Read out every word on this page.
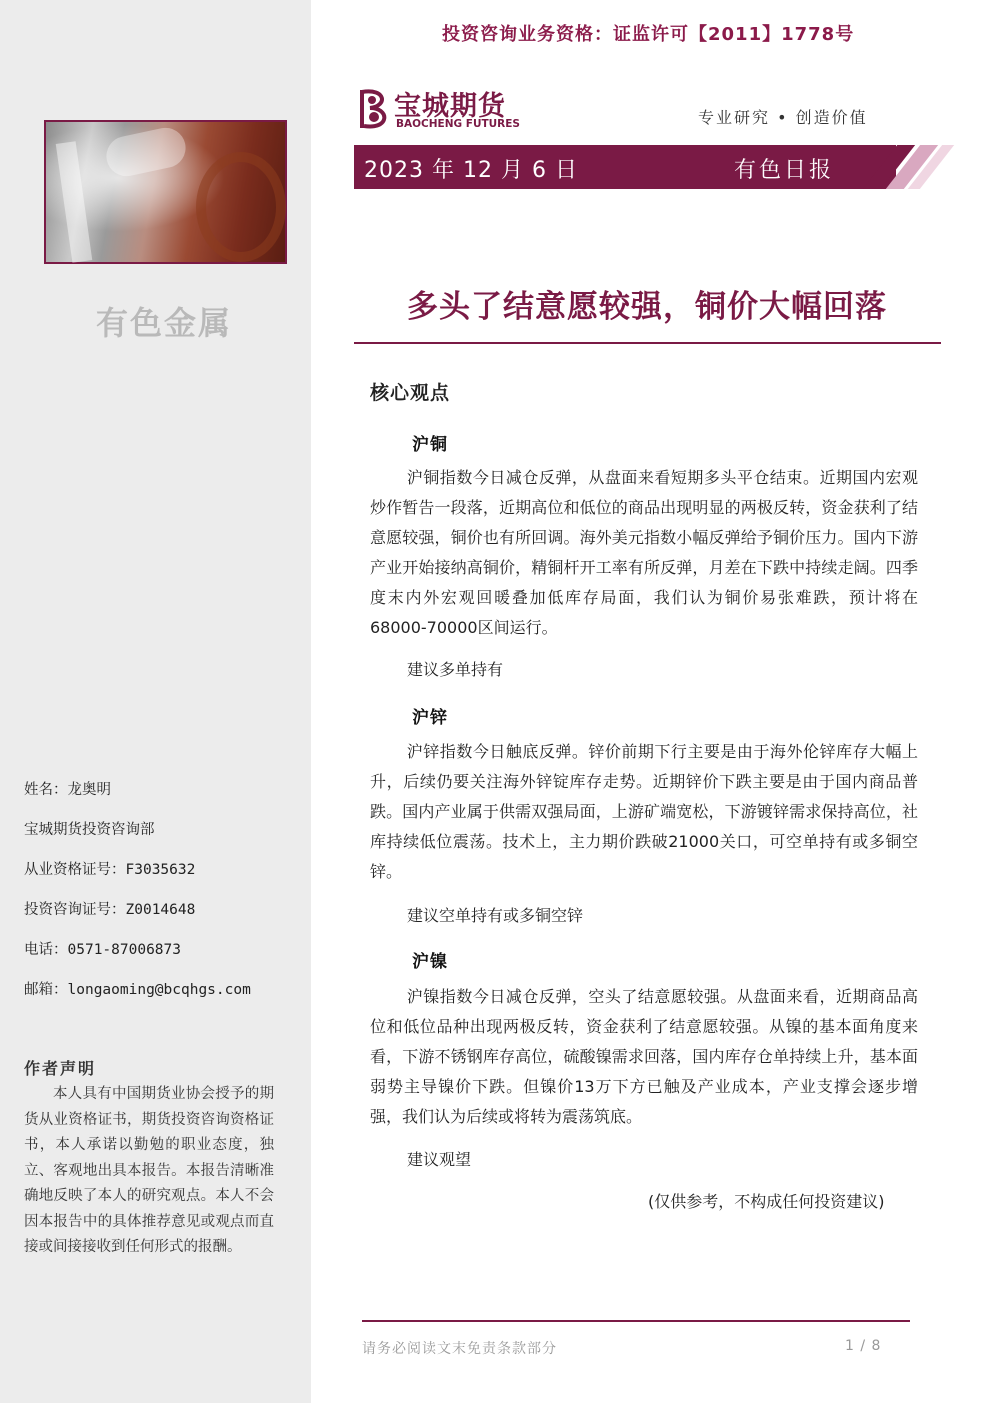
有色金属
姓名：龙奥明
宝城期货投资咨询部
从业资格证号：F3035632
投资咨询证号：Z0014648
电话：0571-87006873
邮箱：longaoming@bcqhgs.com
作者声明
本人具有中国期货业协会授予的期货从业资格证书，期货投资咨询资格证书，本人承诺以勤勉的职业态度，独立、客观地出具本报告。本报告清晰准确地反映了本人的研究观点。本人不会因本报告中的具体推荐意见或观点而直接或间接接收到任何形式的报酬。
投资咨询业务资格：证监许可【2011】1778号
宝城期货
BAOCHENG FUTURES	专业研究 • 创造价值
2023 年 12 月 6 日	有色日报
多头了结意愿较强，铜价大幅回落
核心观点
沪铜
沪铜指数今日减仓反弹，从盘面来看短期多头平仓结束。近期国内宏观炒作暂告一段落，近期高位和低位的商品出现明显的两极反转，资金获利了结意愿较强，铜价也有所回调。海外美元指数小幅反弹给予铜价压力。国内下游产业开始接纳高铜价，精铜杆开工率有所反弹，月差在下跌中持续走阔。四季度末内外宏观回暖叠加低库存局面，我们认为铜价易张难跌，预计将在68000-70000区间运行。
建议多单持有
沪锌
沪锌指数今日触底反弹。锌价前期下行主要是由于海外伦锌库存大幅上升，后续仍要关注海外锌锭库存走势。近期锌价下跌主要是由于国内商品普跌。国内产业属于供需双强局面，上游矿端宽松，下游镀锌需求保持高位，社库持续低位震荡。技术上，主力期价跌破21000关口，可空单持有或多铜空锌。
建议空单持有或多铜空锌
沪镍
沪镍指数今日减仓反弹，空头了结意愿较强。从盘面来看，近期商品高位和低位品种出现两极反转，资金获利了结意愿较强。从镍的基本面角度来看，下游不锈钢库存高位，硫酸镍需求回落，国内库存仓单持续上升，基本面弱势主导镍价下跌。但镍价13万下方已触及产业成本，产业支撑会逐步增强，我们认为后续或将转为震荡筑底。
建议观望
(仅供参考，不构成任何投资建议)
请务必阅读文末免责条款部分	1 / 8
